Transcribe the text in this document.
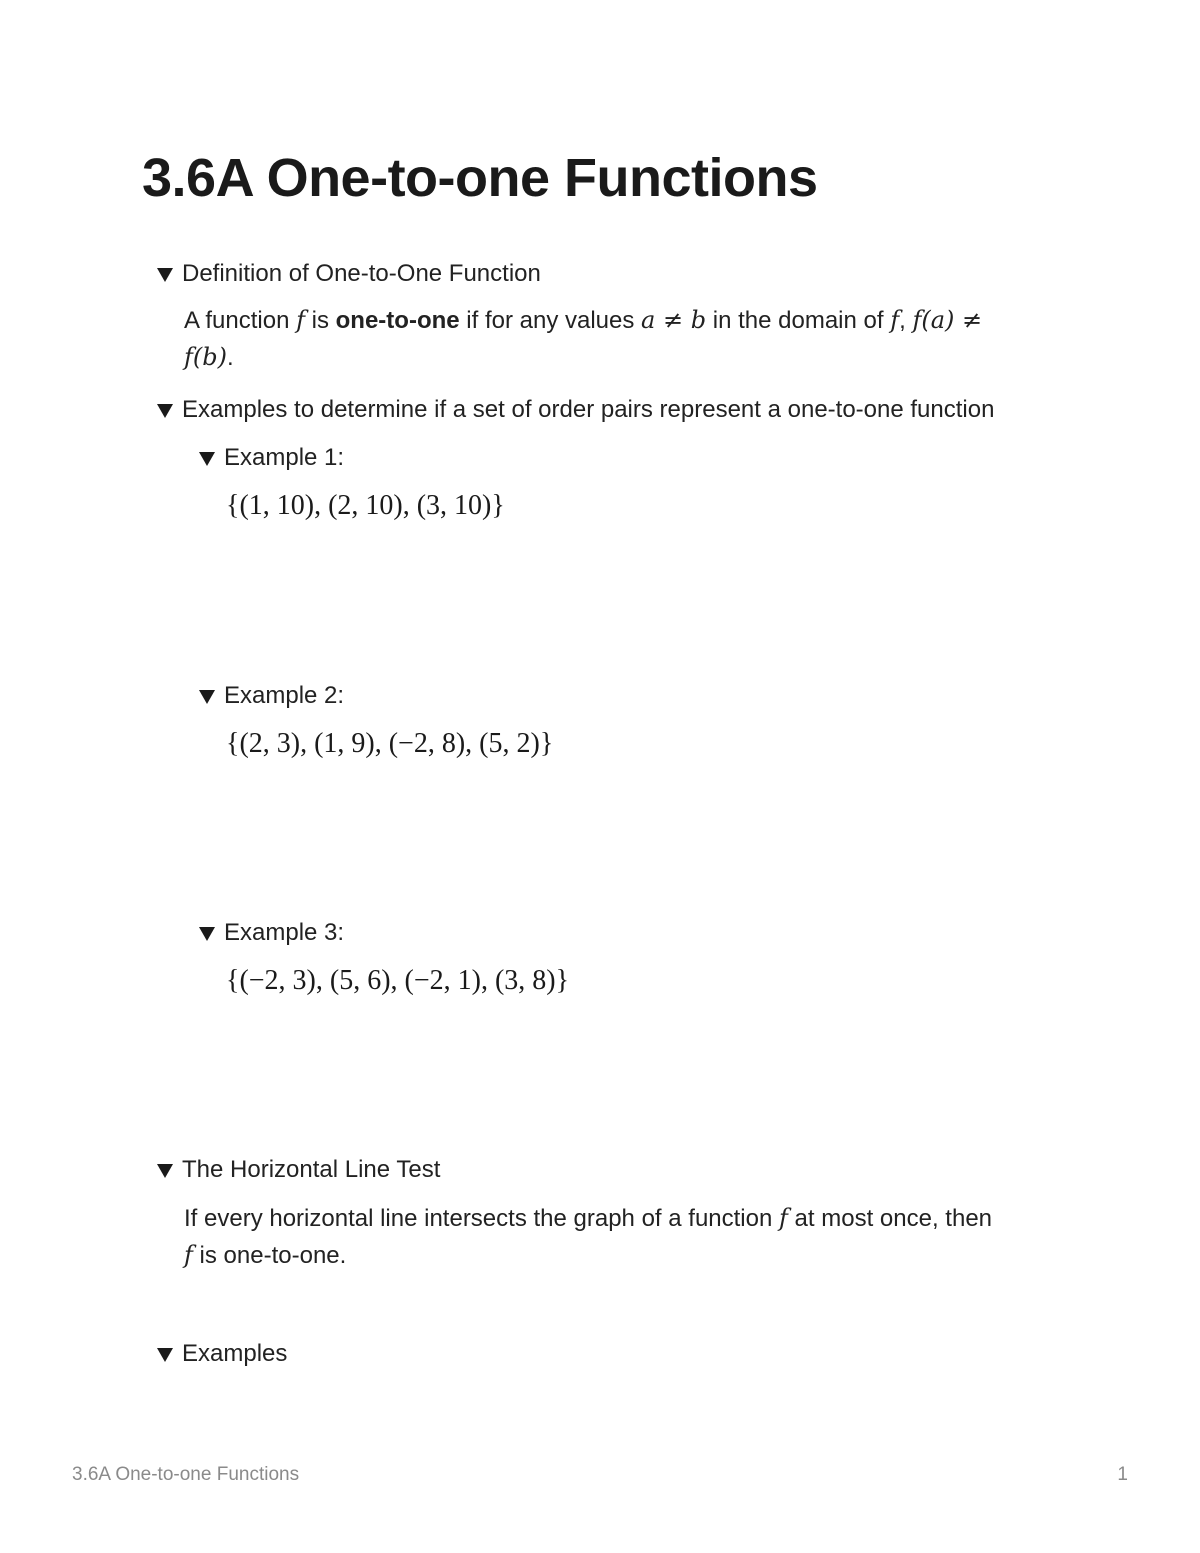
3.6A One-to-one Functions
Definition of One-to-One Function
A function f is one-to-one if for any values a ≠ b in the domain of f, f(a) ≠
f(b).
Examples to determine if a set of order pairs represent a one-to-one function
Example 1:
{(1, 10), (2, 10), (3, 10)}
Example 2:
{(2, 3), (1, 9), (−2, 8), (5, 2)}
Example 3:
{(−2, 3), (5, 6), (−2, 1), (3, 8)}
The Horizontal Line Test
If every horizontal line intersects the graph of a function f at most once, then
f is one-to-one.
Examples
3.6A One-to-one Functions	1
